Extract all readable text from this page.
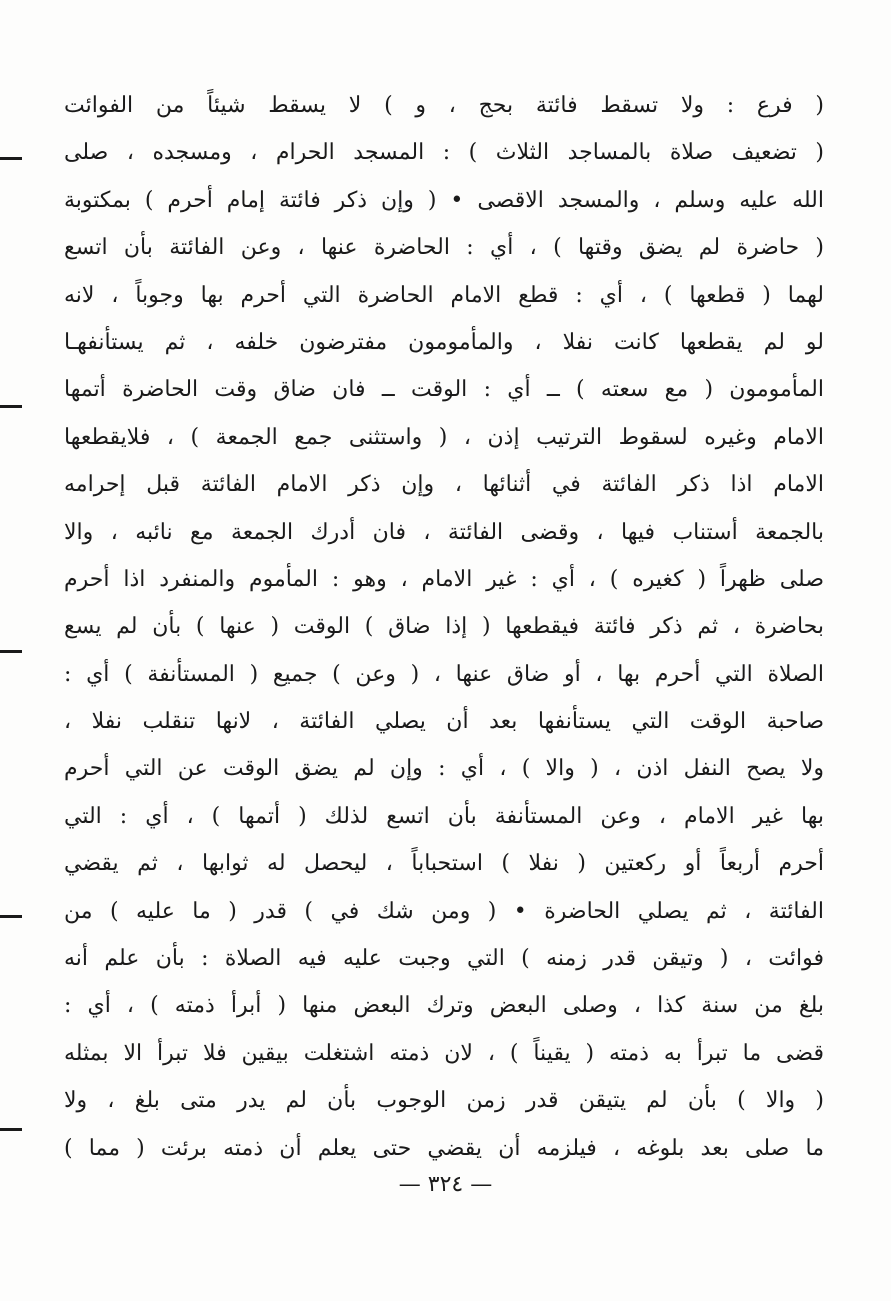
( فرع : ولا تسقط فائتة بحج ، و ) لا يسقط شيئاً من الفوائت
( تضعيف صلاة بالمساجد الثلاث ) : المسجد الحرام ، ومسجده ، صلى
الله عليه وسلم ، والمسجد الاقصى • ( وإن ذكر فائتة إمام أحرم ) بمكتوبة
( حاضرة لم يضق وقتها ) ، أي : الحاضرة عنها ، وعن الفائتة بأن اتسع
لهما ( قطعها ) ، أي : قطع الامام الحاضرة التي أحرم بها وجوباً ، لانه
لو لم يقطعها كانت نفلا ، والمأمومون مفترضون خلفه ، ثم يستأنفهـا
المأمومون ( مع سعته ) ــ أي : الوقت ــ فان ضاق وقت الحاضرة أتمها
الامام وغيره لسقوط الترتيب إذن ، ( واستثنى جمع الجمعة ) ، فلايقطعها
الامام اذا ذكر الفائتة في أثنائها ، وإن ذكر الامام الفائتة قبل إحرامه
بالجمعة أستناب فيها ، وقضى الفائتة ، فان أدرك الجمعة مع نائبه ، والا
صلى ظهراً ( كغيره ) ، أي : غير الامام ، وهو : المأموم والمنفرد اذا أحرم
بحاضرة ، ثم ذكر فائتة فيقطعها ( إذا ضاق ) الوقت ( عنها ) بأن لم يسع
الصلاة التي أحرم بها ، أو ضاق عنها ، ( وعن ) جميع ( المستأنفة ) أي :
صاحبة الوقت التي يستأنفها بعد أن يصلي الفائتة ، لانها تنقلب نفلا ،
ولا يصح النفل اذن ، ( والا ) ، أي : وإن لم يضق الوقت عن التي أحرم
بها غير الامام ، وعن المستأنفة بأن اتسع لذلك ( أتمها ) ، أي : التي
أحرم أربعاً أو ركعتين ( نفلا ) استحباباً ، ليحصل له ثوابها ، ثم يقضي
الفائتة ، ثم يصلي الحاضرة • ( ومن شك في ) قدر ( ما عليه ) من
فوائت ، ( وتيقن قدر زمنه ) التي وجبت عليه فيه الصلاة : بأن علم أنه
بلغ من سنة كذا ، وصلى البعض وترك البعض منها ( أبرأ ذمته ) ، أي :
قضى ما تبرأ به ذمته ( يقيناً ) ، لان ذمته اشتغلت بيقين فلا تبرأ الا بمثله
( والا ) بأن لم يتيقن قدر زمن الوجوب بأن لم يدر متى بلغ ، ولا
ما صلى بعد بلوغه ، فيلزمه أن يقضي حتى يعلم أن ذمته برئت ( مما )
— ٣٢٤ —
